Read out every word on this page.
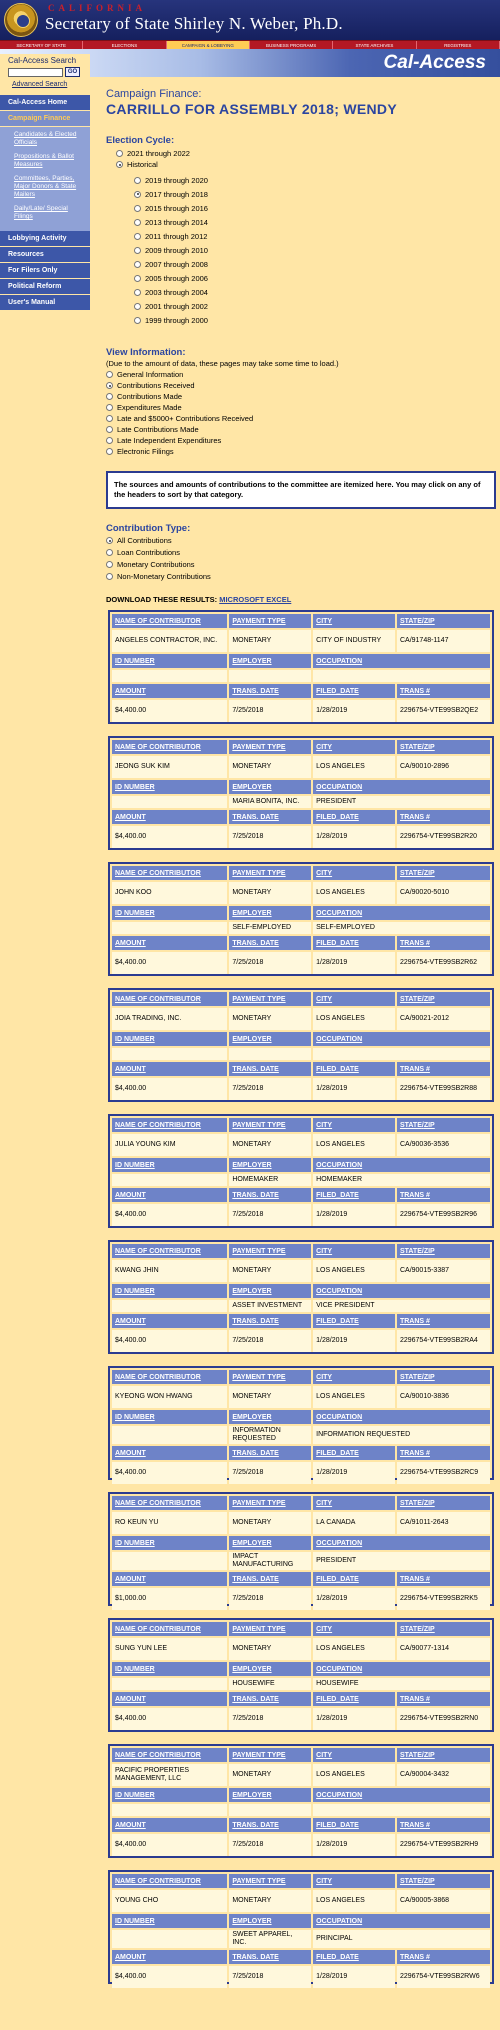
CALIFORNIA
Secretary of State Shirley N. Weber, Ph.D.
SECRETARY OF STATE	ELECTIONS	CAMPAIGN & LOBBYING	BUSINESS PROGRAMS	STATE ARCHIVES	REGISTRIES
Cal-Access
Cal-Access Search
GO
Advanced Search
Cal-Access Home
Campaign Finance
Candidates & Elected Officials
Propositions & Ballot Measures
Committees, Parties, Major Donors & State Mailers
Daily/Late/ Special Filings
Lobbying Activity
Resources
For Filers Only
Political Reform
User's Manual
Campaign Finance:
CARRILLO FOR ASSEMBLY 2018; WENDY
Election Cycle:
2021 through 2022
Historical
2019 through 2020
2017 through 2018
2015 through 2016
2013 through 2014
2011 through 2012
2009 through 2010
2007 through 2008
2005 through 2006
2003 through 2004
2001 through 2002
1999 through 2000
View Information:
(Due to the amount of data, these pages may take some time to load.)
General Information
Contributions Received
Contributions Made
Expenditures Made
Late and $5000+ Contributions Received
Late Contributions Made
Late Independent Expenditures
Electronic Filings
The sources and amounts of contributions to the committee are itemized here. You may click on any of the headers to sort by that category.
Contribution Type:
All Contributions
Loan Contributions
Monetary Contributions
Non-Monetary Contributions
DOWNLOAD THESE RESULTS: MICROSOFT EXCEL
NAME OF CONTRIBUTOR	PAYMENT TYPE	CITY	STATE/ZIP
ANGELES CONTRACTOR, INC.	MONETARY	CITY OF INDUSTRY	CA/91748-1147
ID NUMBER	EMPLOYER	OCCUPATION	

AMOUNT	TRANS. DATE	FILED_DATE	TRANS #
$4,400.00	7/25/2018	1/28/2019	2296754-VTE99SB2QE2
NAME OF CONTRIBUTOR	PAYMENT TYPE	CITY	STATE/ZIP
JEONG SUK KIM	MONETARY	LOS ANGELES	CA/90010-2896
ID NUMBER	EMPLOYER	OCCUPATION	
	MARIA BONITA, INC.	PRESIDENT	
AMOUNT	TRANS. DATE	FILED_DATE	TRANS #
$4,400.00	7/25/2018	1/28/2019	2296754-VTE99SB2R20
NAME OF CONTRIBUTOR	PAYMENT TYPE	CITY	STATE/ZIP
JOHN KOO	MONETARY	LOS ANGELES	CA/90020-5010
ID NUMBER	EMPLOYER	OCCUPATION	
	SELF-EMPLOYED	SELF-EMPLOYED	
AMOUNT	TRANS. DATE	FILED_DATE	TRANS #
$4,400.00	7/25/2018	1/28/2019	2296754-VTE99SB2R62
NAME OF CONTRIBUTOR	PAYMENT TYPE	CITY	STATE/ZIP
JOIA TRADING, INC.	MONETARY	LOS ANGELES	CA/90021-2012
ID NUMBER	EMPLOYER	OCCUPATION	

AMOUNT	TRANS. DATE	FILED_DATE	TRANS #
$4,400.00	7/25/2018	1/28/2019	2296754-VTE99SB2R88
NAME OF CONTRIBUTOR	PAYMENT TYPE	CITY	STATE/ZIP
JULIA YOUNG KIM	MONETARY	LOS ANGELES	CA/90036-3536
ID NUMBER	EMPLOYER	OCCUPATION	
	HOMEMAKER	HOMEMAKER	
AMOUNT	TRANS. DATE	FILED_DATE	TRANS #
$4,400.00	7/25/2018	1/28/2019	2296754-VTE99SB2R96
NAME OF CONTRIBUTOR	PAYMENT TYPE	CITY	STATE/ZIP
KWANG JHIN	MONETARY	LOS ANGELES	CA/90015-3387
ID NUMBER	EMPLOYER	OCCUPATION	
	ASSET INVESTMENT	VICE PRESIDENT	
AMOUNT	TRANS. DATE	FILED_DATE	TRANS #
$4,400.00	7/25/2018	1/28/2019	2296754-VTE99SB2RA4
NAME OF CONTRIBUTOR	PAYMENT TYPE	CITY	STATE/ZIP
KYEONG WON HWANG	MONETARY	LOS ANGELES	CA/90010-3836
ID NUMBER	EMPLOYER	OCCUPATION	
	INFORMATION REQUESTED	INFORMATION REQUESTED	
AMOUNT	TRANS. DATE	FILED_DATE	TRANS #
$4,400.00	7/25/2018	1/28/2019	2296754-VTE99SB2RC9
NAME OF CONTRIBUTOR	PAYMENT TYPE	CITY	STATE/ZIP
RO KEUN YU	MONETARY	LA CANADA	CA/91011-2643
ID NUMBER	EMPLOYER	OCCUPATION	
	IMPACT MANUFACTURING	PRESIDENT	
AMOUNT	TRANS. DATE	FILED_DATE	TRANS #
$1,000.00	7/25/2018	1/28/2019	2296754-VTE99SB2RK5
NAME OF CONTRIBUTOR	PAYMENT TYPE	CITY	STATE/ZIP
SUNG YUN LEE	MONETARY	LOS ANGELES	CA/90077-1314
ID NUMBER	EMPLOYER	OCCUPATION	
	HOUSEWIFE	HOUSEWIFE	
AMOUNT	TRANS. DATE	FILED_DATE	TRANS #
$4,400.00	7/25/2018	1/28/2019	2296754-VTE99SB2RN0
NAME OF CONTRIBUTOR	PAYMENT TYPE	CITY	STATE/ZIP
PACIFIC PROPERTIES MANAGEMENT, LLC	MONETARY	LOS ANGELES	CA/90004-3432
ID NUMBER	EMPLOYER	OCCUPATION	

AMOUNT	TRANS. DATE	FILED_DATE	TRANS #
$4,400.00	7/25/2018	1/28/2019	2296754-VTE99SB2RH9
NAME OF CONTRIBUTOR	PAYMENT TYPE	CITY	STATE/ZIP
YOUNG CHO	MONETARY	LOS ANGELES	CA/90005-3868
ID NUMBER	EMPLOYER	OCCUPATION	
	SWEET APPAREL, INC.	PRINCIPAL	
AMOUNT	TRANS. DATE	FILED_DATE	TRANS #
$4,400.00	7/25/2018	1/28/2019	2296754-VTE99SB2RW6
